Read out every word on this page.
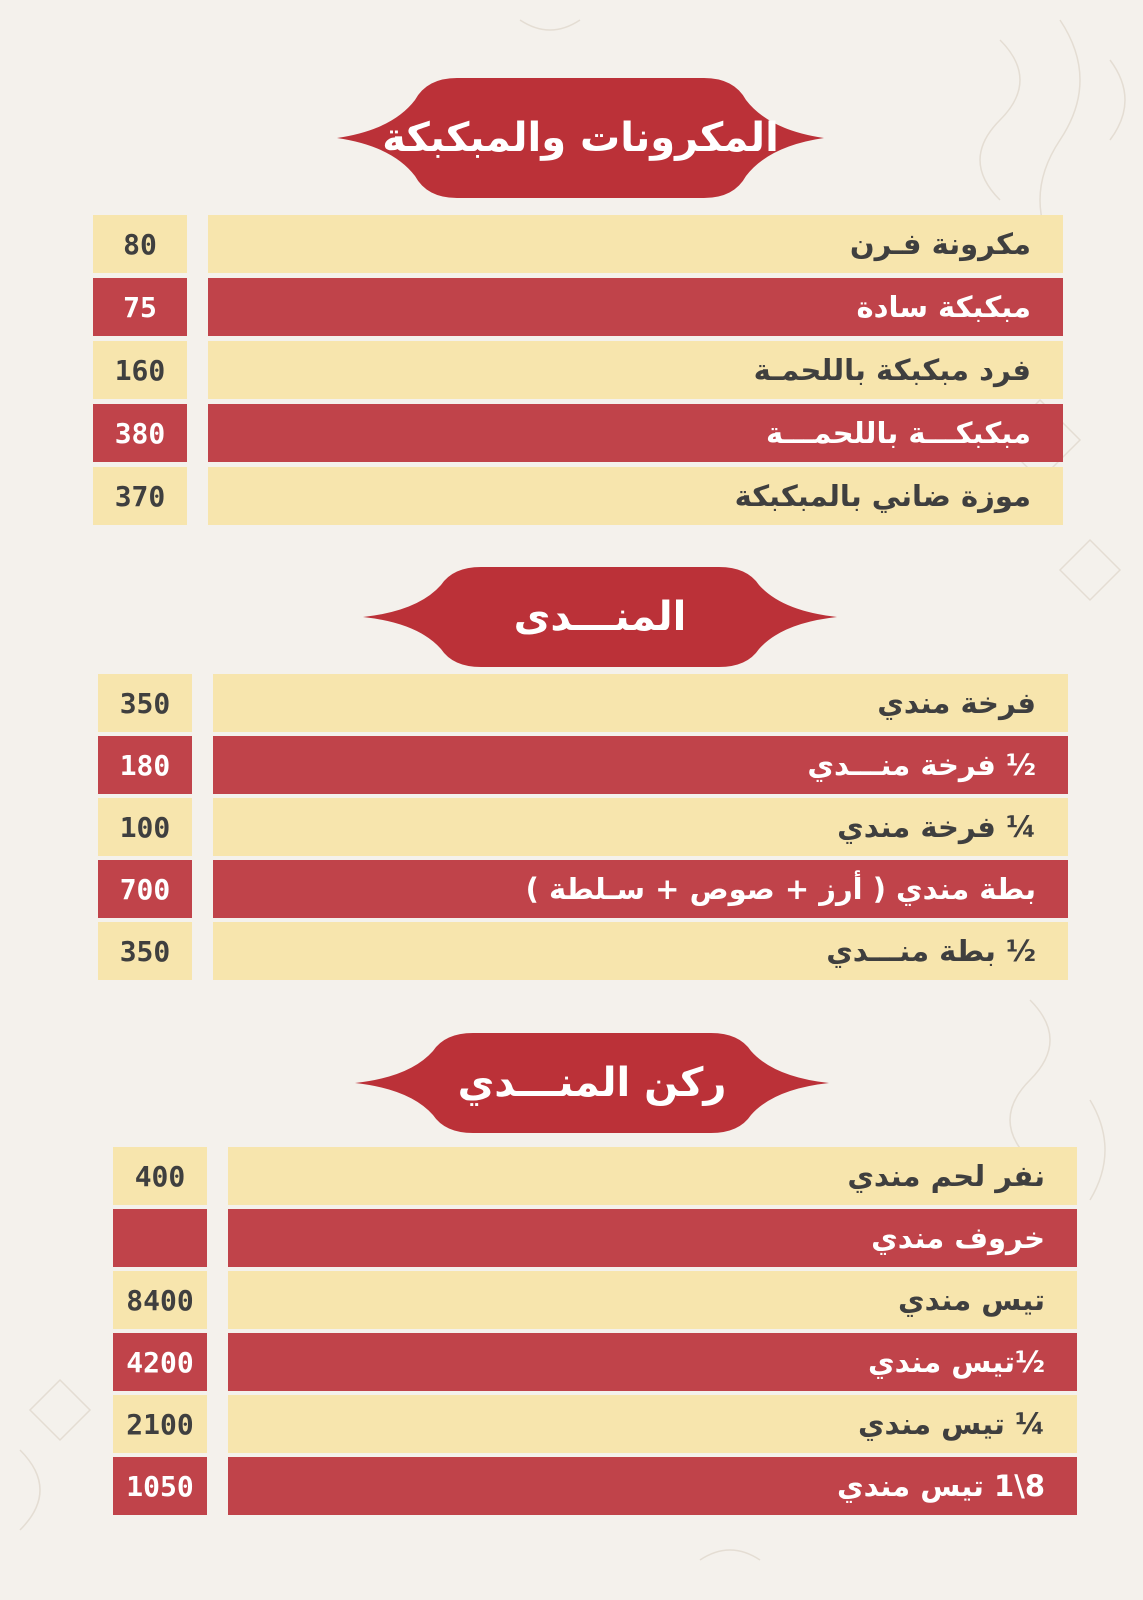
المكرونات والمبكبكة
80	مكرونة فـرن
75	مبكبكة سادة
160	فرد مبكبكة باللحمـة
380	مبكبكـــة باللحمـــة
370	موزة ضاني بالمبكبكة
المنـــدى
350	فرخة مندي
180	½ فرخة منـــدي
100	¼ فرخة مندي
700	بطة مندي ( أرز + صوص + سـلطة )
350	½ بطة منـــدي
ركن المنـــدي
400	نفر لحم مندي
خروف مندي
8400	تيس مندي
4200	½تيس مندي
2100	¼ تيس مندي
1050	8\1 تيس مندي
